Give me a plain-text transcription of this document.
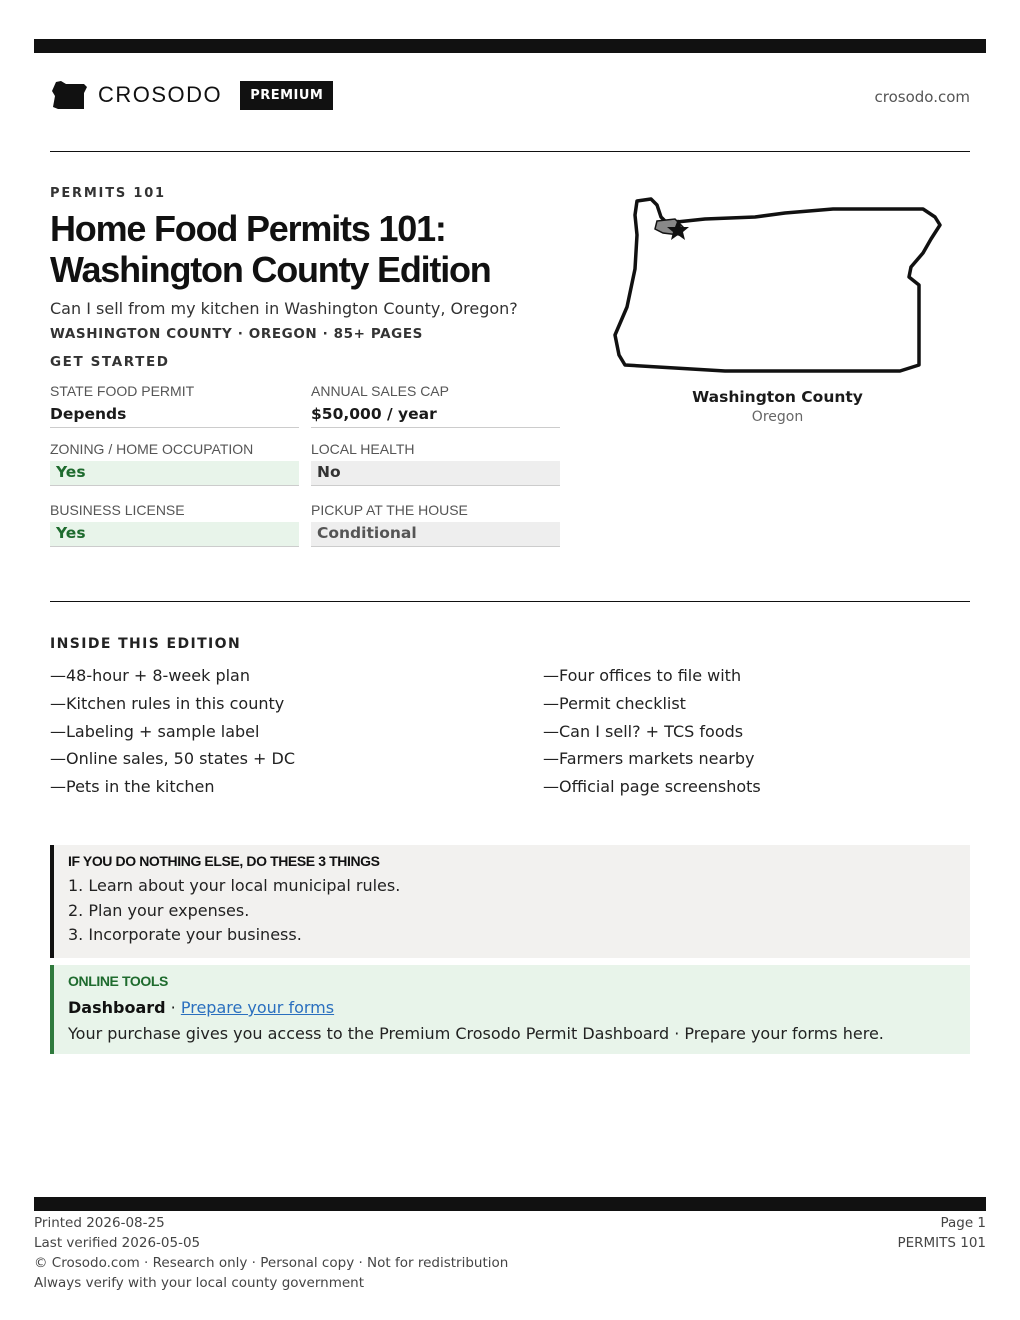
CROSODO	PREMIUM	crosodo.com
PERMITS 101
Home Food Permits 101:
Washington County Edition
Can I sell from my kitchen in Washington County, Oregon?
WASHINGTON COUNTY · OREGON · 85+ PAGES
GET STARTED
STATE FOOD PERMIT
Depends
ANNUAL SALES CAP
$50,000 / year
ZONING / HOME OCCUPATION
Yes
LOCAL HEALTH
No
BUSINESS LICENSE
Yes
PICKUP AT THE HOUSE
Conditional
Washington County
Oregon
INSIDE THIS EDITION
—48-hour + 8-week plan
—Kitchen rules in this county
—Labeling + sample label
—Online sales, 50 states + DC
—Pets in the kitchen
—Four offices to file with
—Permit checklist
—Can I sell? + TCS foods
—Farmers markets nearby
—Official page screenshots
IF YOU DO NOTHING ELSE, DO THESE 3 THINGS
1. Learn about your local municipal rules.
2. Plan your expenses.
3. Incorporate your business.
ONLINE TOOLS
Dashboard · Prepare your forms
Your purchase gives you access to the Premium Crosodo Permit Dashboard · Prepare your forms here.
Printed 2026-08-25
Last verified 2026-05-05
© Crosodo.com · Research only · Personal copy · Not for redistribution
Always verify with your local county government
Page 1
PERMITS 101
